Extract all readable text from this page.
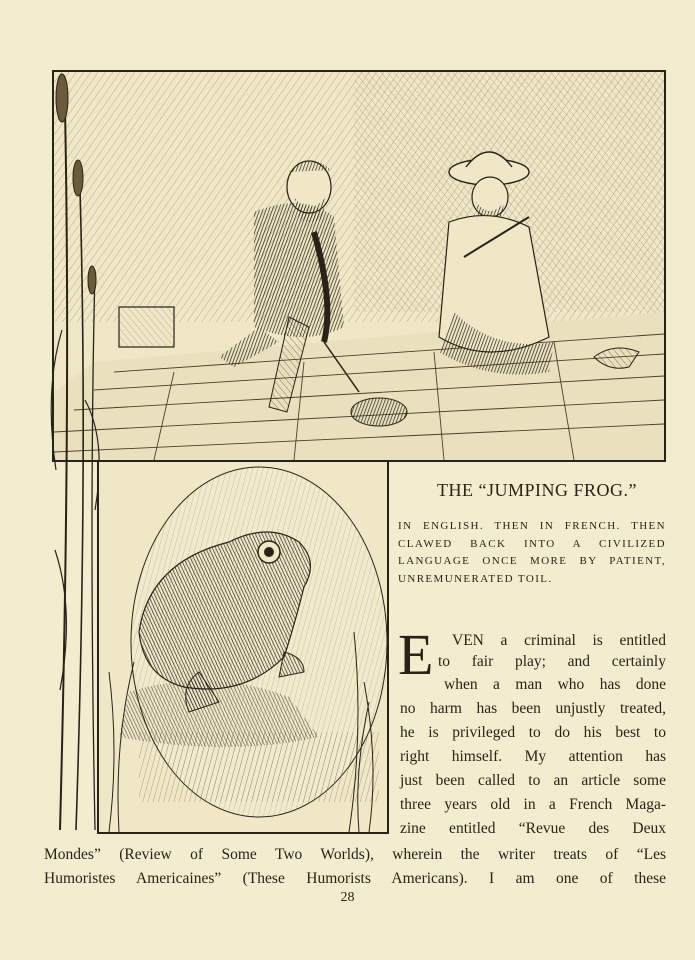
THE “JUMPING FROG.”
IN ENGLISH. THEN IN FRENCH. THEN CLAWED BACK INTO A CIVILIZED LANGUAGE ONCE MORE BY PATIENT, UNREMUNERATED TOIL.
E VEN a criminal is entitled
to fair play; and certainly
when a man who has done
no harm has been unjustly treated,
he is privileged to do his best to
right himself. My attention has
just been called to an article some
three years old in a French Maga-
zine entitled “Revue des Deux
Mondes” (Review of Some Two Worlds), wherein the writer treats of “Les
Humoristes Americaines” (These Humorists Americans). I am one of these
28
